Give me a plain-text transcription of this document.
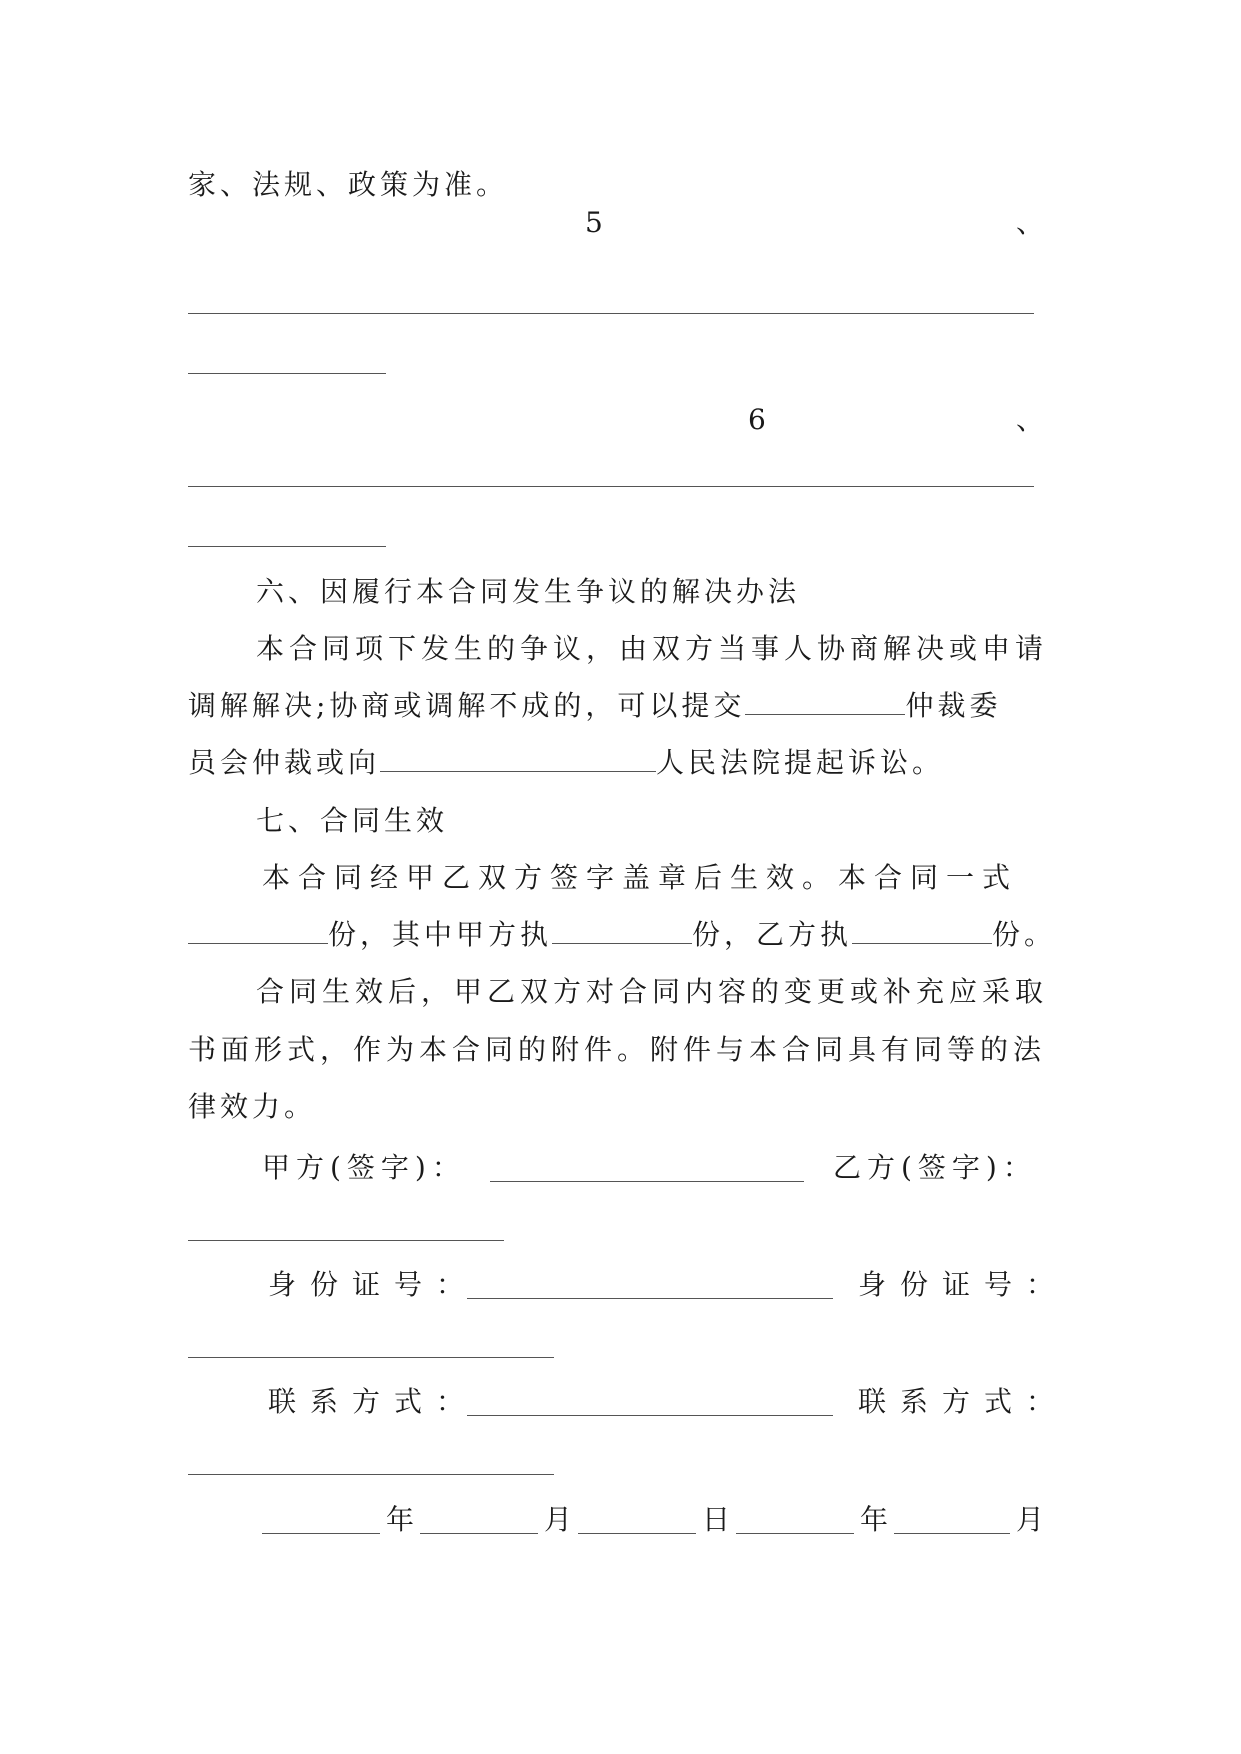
家、法规、政策为准。
5	、
6	、
六、因履行本合同发生争议的解决办法
本合同项下发生的争议，由双方当事人协商解决或申请
调解解决;协商或调解不成的，可以提交	仲裁委
员会仲裁或向	人民法院提起诉讼。
七、合同生效
本合同经甲乙双方签字盖章后生效。本合同一式
份，其中甲方执	份，乙方执	份。
合同生效后，甲乙双方对合同内容的变更或补充应采取
书面形式，作为本合同的附件。附件与本合同具有同等的法
律效力。
甲方(签字)：	乙方(签字)：
身份证号：	身份证号：
联系方式：	联系方式：
年	月	日	年	月
